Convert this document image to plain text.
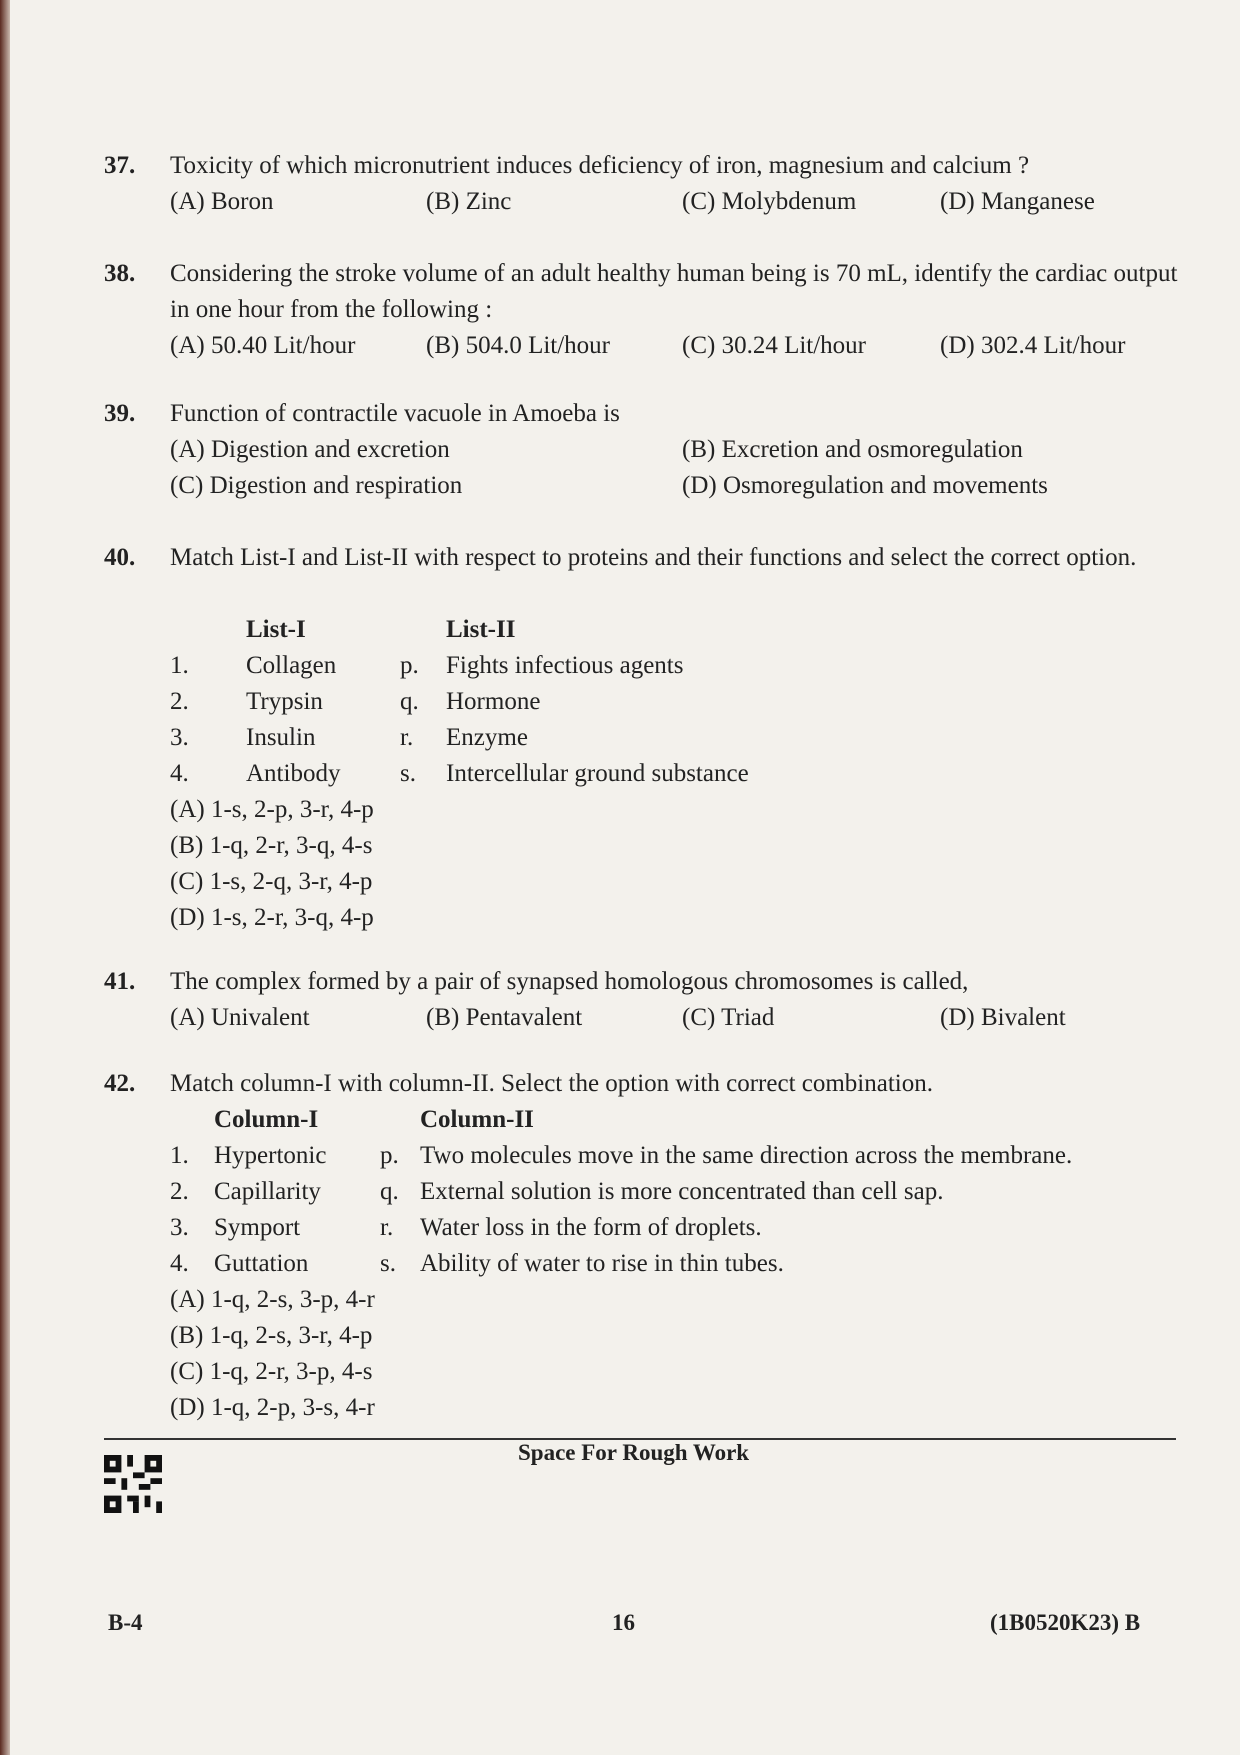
37. Toxicity of which micronutrient induces deficiency of iron, magnesium and calcium ?
(A) Boron	(B) Zinc	(C) Molybdenum	(D) Manganese
38. Considering the stroke volume of an adult healthy human being is 70 mL, identify the cardiac output in one hour from the following :
(A) 50.40 Lit/hour	(B) 504.0 Lit/hour	(C) 30.24 Lit/hour	(D) 302.4 Lit/hour
39. Function of contractile vacuole in Amoeba is
(A) Digestion and excretion	(B) Excretion and osmoregulation
(C) Digestion and respiration	(D) Osmoregulation and movements
40. Match List-I and List-II with respect to proteins and their functions and select the correct option.
List-I	List-II
1. Collagen	p. Fights infectious agents
2. Trypsin	q. Hormone
3. Insulin	r. Enzyme
4. Antibody s. Intercellular ground substance
(A) 1-s, 2-p, 3-r, 4-p
(B) 1-q, 2-r, 3-q, 4-s
(C) 1-s, 2-q, 3-r, 4-p
(D) 1-s, 2-r, 3-q, 4-p
41. The complex formed by a pair of synapsed homologous chromosomes is called,
(A) Univalent	(B) Pentavalent	(C) Triad	(D) Bivalent
42. Match column-I with column-II. Select the option with correct combination.
Column-I	Column-II
1. Hypertonic p. Two molecules move in the same direction across the membrane.
2. Capillarity q. External solution is more concentrated than cell sap.
3. Symport	r. Water loss in the form of droplets.
4. Guttation	s. Ability of water to rise in thin tubes.
(A) 1-q, 2-s, 3-p, 4-r
(B) 1-q, 2-s, 3-r, 4-p
(C) 1-q, 2-r, 3-p, 4-s
(D) 1-q, 2-p, 3-s, 4-r
Space For Rough Work
B-4	16	(1B0520K23) B
